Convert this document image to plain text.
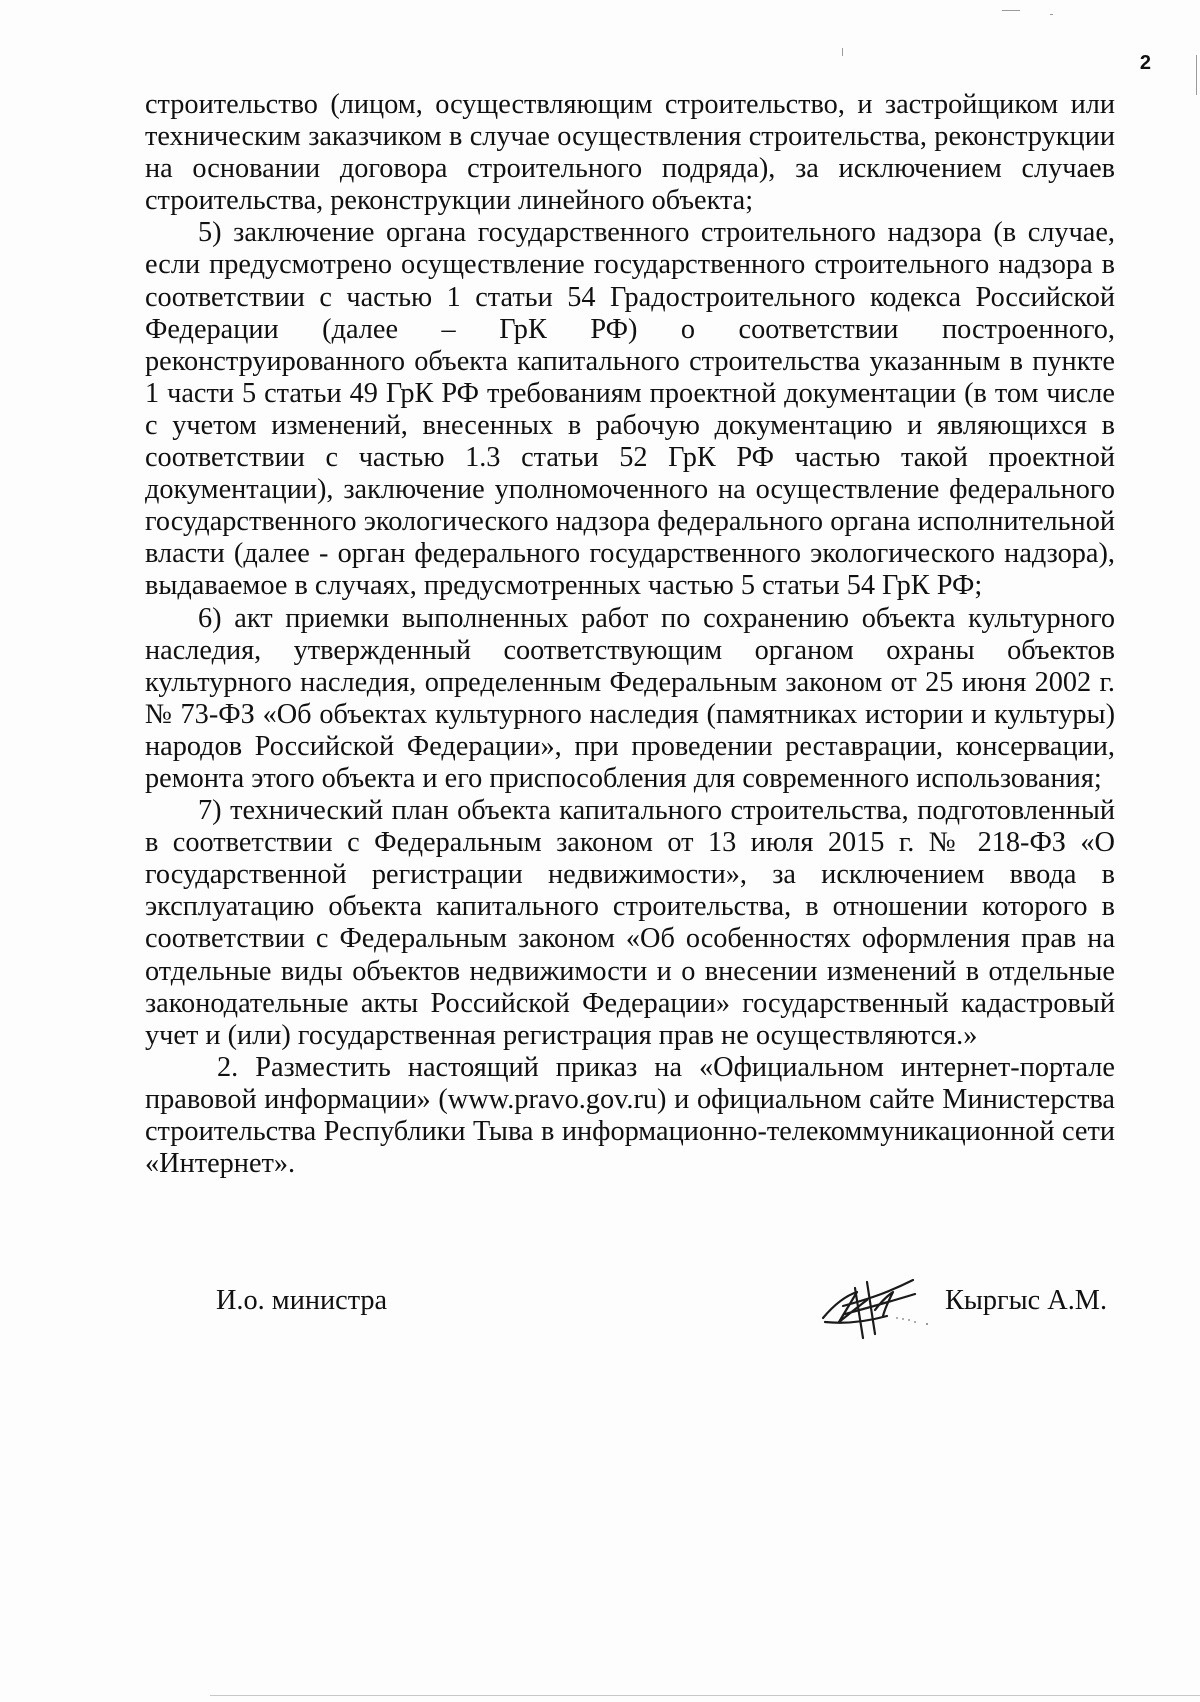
2

строительство (лицом, осуществляющим строительство, и застройщиком или техническим заказчиком в случае осуществления строительства, реконструкции на основании договора строительного подряда), за исключением случаев строительства, реконструкции линейного объекта;

5) заключение органа государственного строительного надзора (в случае, если предусмотрено осуществление государственного строительного надзора в соответствии с частью 1 статьи 54 Градостроительного кодекса Российской Федерации (далее – ГрК РФ) о соответствии построенного, реконструированного объекта капитального строительства указанным в пункте 1 части 5 статьи 49 ГрК РФ требованиям проектной документации (в том числе с учетом изменений, внесенных в рабочую документацию и являющихся в соответствии с частью 1.3 статьи 52 ГрК РФ частью такой проектной документации), заключение уполномоченного на осуществление федерального государственного экологического надзора федерального органа исполнительной власти (далее - орган федерального государственного экологического надзора), выдаваемое в случаях, предусмотренных частью 5 статьи 54 ГрК РФ;

6) акт приемки выполненных работ по сохранению объекта культурного наследия, утвержденный соответствующим органом охраны объектов культурного наследия, определенным Федеральным законом от 25 июня 2002 г. № 73-ФЗ «Об объектах культурного наследия (памятниках истории и культуры) народов Российской Федерации», при проведении реставрации, консервации, ремонта этого объекта и его приспособления для современного использования;

7) технический план объекта капитального строительства, подготовленный в соответствии с Федеральным законом от 13 июля 2015 г. № 218-ФЗ «О государственной регистрации недвижимости», за исключением ввода в эксплуатацию объекта капитального строительства, в отношении которого в соответствии с Федеральным законом «Об особенностях оформления прав на отдельные виды объектов недвижимости и о внесении изменений в отдельные законодательные акты Российской Федерации» государственный кадастровый учет и (или) государственная регистрация прав не осуществляются.»

2. Разместить настоящий приказ на «Официальном интернет-портале правовой информации» (www.pravo.gov.ru) и официальном сайте Министерства строительства Республики Тыва в информационно-телекоммуникационной сети «Интернет».

И.о. министра	Кыргыс А.М.
